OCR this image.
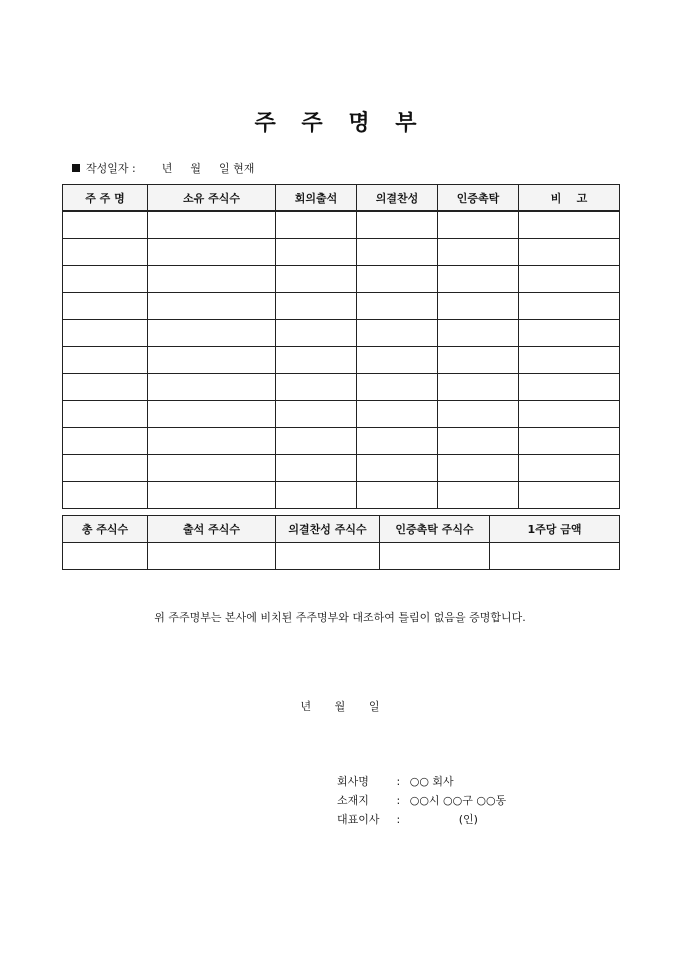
주 주 명 부
작성일자 : 년 월 일 현재
주 주 명	소유 주식수	회의출석	의결찬성	인증촉탁	비    고

총 주식수	출석 주식수	의결찬성 주식수	인증촉탁 주식수	1주당 금액

위 주주명부는 본사에 비치된 주주명부와 대조하여 틀림이 없음을 증명합니다.
년 월 일
회사명	: ○○ 회사
소재지	: ○○시 ○○구 ○○동
대표이사 :	(인)
